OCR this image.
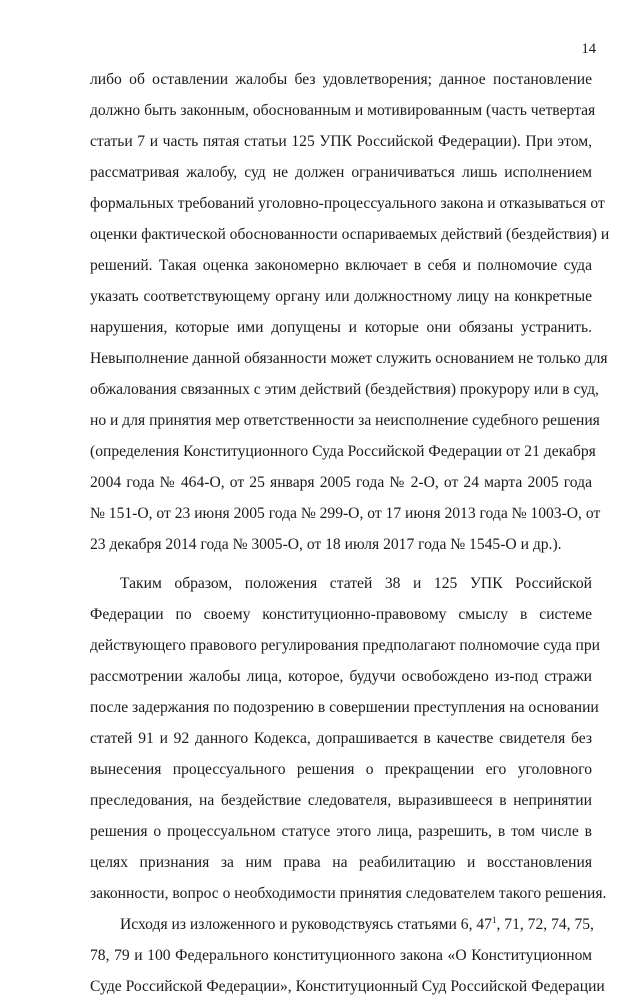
14
либо об оставлении жалобы без удовлетворения; данное постановление
должно быть законным, обоснованным и мотивированным (часть четвертая
статьи 7 и часть пятая статьи 125 УПК Российской Федерации). При этом,
рассматривая жалобу, суд не должен ограничиваться лишь исполнением
формальных требований уголовно-процессуального закона и отказываться от
оценки фактической обоснованности оспариваемых действий (бездействия) и
решений. Такая оценка закономерно включает в себя и полномочие суда
указать соответствующему органу или должностному лицу на конкретные
нарушения, которые ими допущены и которые они обязаны устранить.
Невыполнение данной обязанности может служить основанием не только для
обжалования связанных с этим действий (бездействия) прокурору или в суд,
но и для принятия мер ответственности за неисполнение судебного решения
(определения Конституционного Суда Российской Федерации от 21 декабря
2004 года № 464-О, от 25 января 2005 года № 2-О, от 24 марта 2005 года
№ 151-О, от 23 июня 2005 года № 299-О, от 17 июня 2013 года № 1003-О, от
23 декабря 2014 года № 3005-О, от 18 июля 2017 года № 1545-О и др.).
Таким образом, положения статей 38 и 125 УПК Российской
Федерации по своему конституционно-правовому смыслу в системе
действующего правового регулирования предполагают полномочие суда при
рассмотрении жалобы лица, которое, будучи освобождено из-под стражи
после задержания по подозрению в совершении преступления на основании
статей 91 и 92 данного Кодекса, допрашивается в качестве свидетеля без
вынесения процессуального решения о прекращении его уголовного
преследования, на бездействие следователя, выразившееся в непринятии
решения о процессуальном статусе этого лица, разрешить, в том числе в
целях признания за ним права на реабилитацию и восстановления
законности, вопрос о необходимости принятия следователем такого решения.
Исходя из изложенного и руководствуясь статьями 6, $47^1$, 71, 72, 74, 75,
78, 79 и 100 Федерального конституционного закона «О Конституционном
Суде Российской Федерации», Конституционный Суд Российской Федерации
